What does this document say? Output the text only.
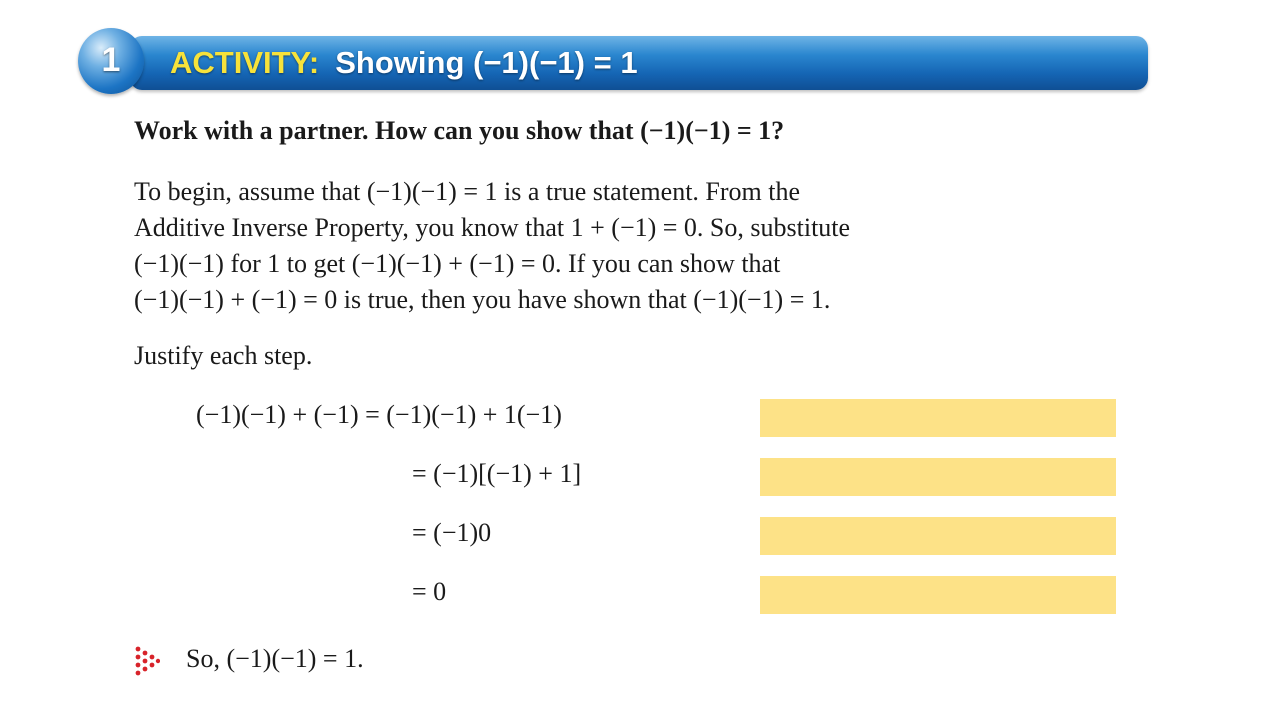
1 ACTIVITY: Showing (−1)(−1) = 1
Work with a partner. How can you show that (−1)(−1) = 1?
To begin, assume that (−1)(−1) = 1 is a true statement. From the
Additive Inverse Property, you know that 1 + (−1) = 0. So, substitute
(−1)(−1) for 1 to get (−1)(−1) + (−1) = 0. If you can show that
(−1)(−1) + (−1) = 0 is true, then you have shown that (−1)(−1) = 1.
Justify each step.
(−1)(−1) + (−1) = (−1)(−1) + 1(−1)
= (−1)[(−1) + 1]
= (−1)0
= 0
So, (−1)(−1) = 1.
